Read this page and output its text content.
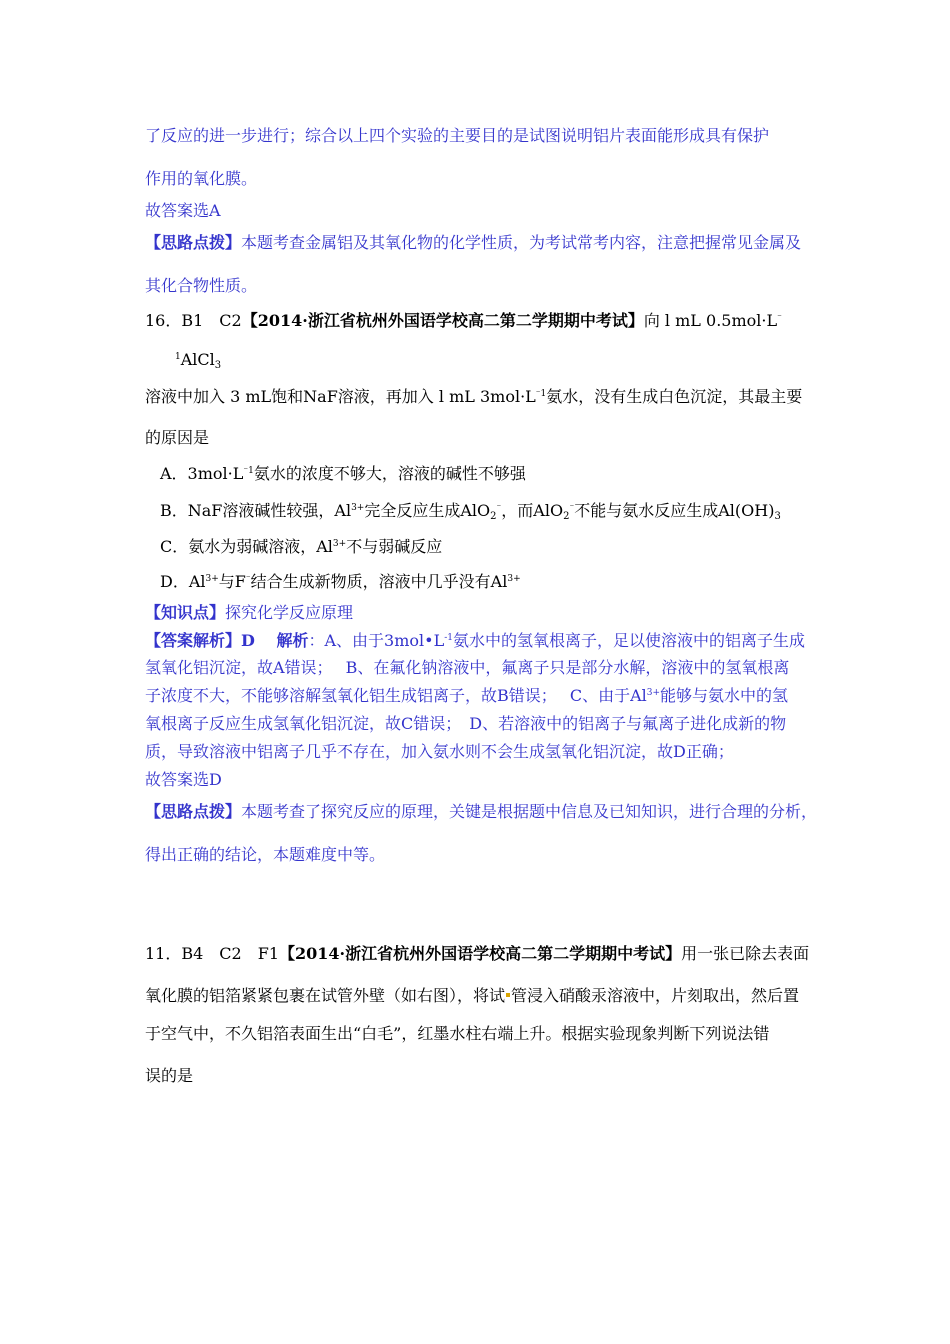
了反应的进一步进行；综合以上四个实验的主要目的是试图说明铝片表面能形成具有保护
作用的氧化膜。
故答案选A
【思路点拨】本题考查金属铝及其氧化物的化学性质，为考试常考内容，注意把握常见金属及
其化合物性质。
16．B1　C2【2014·浙江省杭州外国语学校高二第二学期期中考试】向 l mL 0.5mol·L⁻
$^1$AlCl3
溶液中加入 3 mL饱和NaF溶液，再加入 l mL $3mol\cdot L^{^-1}$氨水，没有生成白色沉淀，其最主要
的原因是
A．$3mol\cdot L^{^-1}$氨水的浓度不够大，溶液的碱性不够强
B．NaF溶液碱性较强，$Al^{3+}$完全反应生成AlO2⁻，而AlO2⁻不能与氨水反应生成Al(OH)3
C．氨水为弱碱溶液，$Al^{3+}$不与弱碱反应
D．$Al^{3+}$与F⁻结合生成新物质，溶液中几乎没有$Al^{3+}$
【知识点】探究化学反应原理
【答案解析】D　 解析：A、由于$3mol•L^{-1}$氨水中的氢氧根离子，足以使溶液中的铝离子生成
氢氧化铝沉淀，故A错误；　 B、在氟化钠溶液中，氟离子只是部分水解，溶液中的氢氧根离
子浓度不大，不能够溶解氢氧化铝生成铝离子，故B错误；　 C、由于$Al^{3+}$能够与氨水中的氢
氧根离子反应生成氢氧化铝沉淀，故C错误；　D、若溶液中的铝离子与氟离子进化成新的物
质，导致溶液中铝离子几乎不存在，加入氨水则不会生成氢氧化铝沉淀，故D正确；
故答案选D
【思路点拨】本题考查了探究反应的原理，关键是根据题中信息及已知知识，进行合理的分析，
得出正确的结论，本题难度中等。
11．B4　C2　F1【2014·浙江省杭州外国语学校高二第二学期期中考试】用一张已除去表面
氧化膜的铝箔紧紧包裹在试管外壁（如右图），将试 管浸入硝酸汞溶液中，片刻取出，然后置
于空气中，不久铝箔表面生出“白毛”，红墨水柱右端上升。根据实验现象判断下列说法错
误的是
